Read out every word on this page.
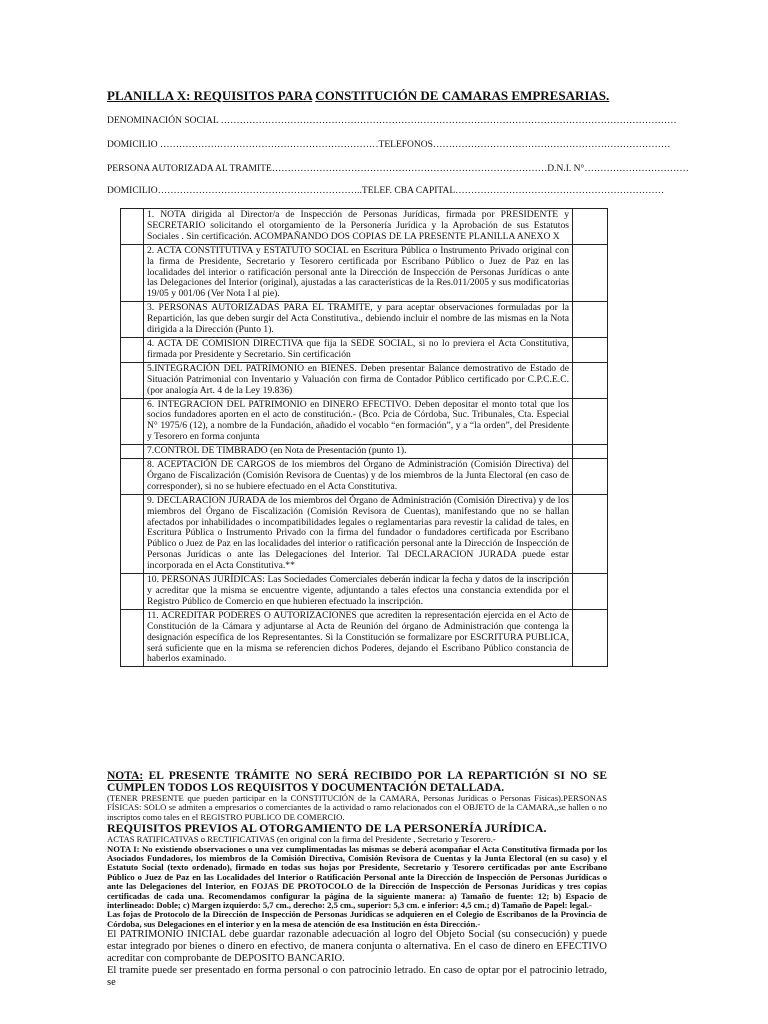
PLANILLA X: REQUISITOS PARA CONSTITUCIÓN DE CAMARAS EMPRESARIAS.
DENOMINACIÓN SOCIAL ………………………………………………………………………………………………………………………………
DOMICILIO ……………………………………………………………TELEFONOS…………………………………………………………………
PERSONA AUTORIZADA AL TRAMITE……………………………………………………………………………D.N.I. N°……………………………
DOMICILIO………………………………………………………..TELEF. CBA CAPITAL…………………………………………………………
	1. NOTA dirigida al Director/a de Inspección de Personas Jurídicas, firmada por PRESIDENTE y SECRETARIO solicitando el otorgamiento de la Personería Jurídica y la Aprobación de sus Estatutos Sociales . Sin certificación. ACOMPAÑANDO DOS COPIAS DE LA PRESENTE PLANILLA ANEXO X	
	2. ACTA CONSTITUTIVA y ESTATUTO SOCIAL en Escritura Pública o Instrumento Privado original con la firma de Presidente, Secretario y Tesorero certificada por Escribano Público o Juez de Paz en las localidades del interior o ratificación personal ante la Dirección de Inspección de Personas Jurídicas o ante las Delegaciones del Interior (original), ajustadas a las características de la Res.011/2005 y sus modificatorias 19/05 y 001/06 (Ver Nota I al pie).	
	3. PERSONAS AUTORIZADAS PARA EL TRAMITE, y para aceptar observaciones formuladas por la Repartición, las que deben surgir del Acta Constitutiva., debiendo incluir el nombre de las mismas en la Nota dirigida a la Dirección (Punto 1).	
	4. ACTA DE COMISION DIRECTIVA que fija la SEDE SOCIAL, si no lo previera el Acta Constitutiva, firmada por Presidente y Secretario. Sin certificación	
	5.INTEGRACIÓN DEL PATRIMONIO en BIENES. Deben presentar Balance demostrativo de Estado de Situación Patrimonial con Inventario y Valuación con firma de Contador Público certificado por C.P.C.E.C. (por analogía Art. 4 de la Ley 19.836)	
	6. INTEGRACION DEL PATRIMONIO en DINERO EFECTIVO. Deben depositar el monto total que los socios fundadores aporten en el acto de constitución.- (Bco. Pcia de Córdoba, Suc. Tribunales, Cta. Especial N° 1975/6 (12), a nombre de la Fundación, añadido el vocablo “en formación”, y a “la orden”, del Presidente y Tesorero en forma conjunta	
	7.CONTROL DE TIMBRADO (en Nota de Presentación (punto 1).	
	8. ACEPTACIÓN DE CARGOS de los miembros del Órgano de Administración (Comisión Directiva) del Órgano de Fiscalización (Comisión Revisora de Cuentas) y de los miembros de la Junta Electoral (en caso de corresponder), si no se hubiere efectuado en el Acta Constitutiva.	
	9. DECLARACION JURADA de los miembros del Órgano de Administración (Comisión Directiva) y de los miembros del Órgano de Fiscalización (Comisión Revisora de Cuentas), manifestando que no se hallan afectados por inhabilidades o incompatibilidades legales o reglamentarias para revestir la calidad de tales, en Escritura Pública o Instrumento Privado con la firma del fundador o fundadores certificada por Escribano Público o Juez de Paz en las localidades del interior o ratificación personal ante la Dirección de Inspección de Personas Jurídicas o ante las Delegaciones del Interior. Tal DECLARACION JURADA puede estar incorporada en el Acta Constitutiva.**	
	10. PERSONAS JURÍDICAS: Las Sociedades Comerciales deberán indicar la fecha y datos de la inscripción y acreditar que la misma se encuentre vigente, adjuntando a tales efectos una constancia extendida por el Registro Público de Comercio en que hubieren efectuado la inscripción.	
	11. ACREDITAR PODERES O AUTORIZACIONES que acrediten la representación ejercida en el Acto de Constitución de la Cámara y adjuntarse al Acta de Reunión del órgano de Administración que contenga la designación específica de los Representantes. Si la Constitución se formalizare por ESCRITURA PUBLICA, será suficiente que en la misma se referencien dichos Poderes, dejando el Escribano Público constancia de haberlos examinado.	

NOTA: EL PRESENTE TRÁMITE NO SERÁ RECIBIDO POR LA REPARTICIÓN SI NO SE CUMPLEN TODOS LOS REQUISITOS Y DOCUMENTACIÓN DETALLADA.

(TENER PRESENTE que pueden participar en la CONSTITUCIÓN de la CAMARA, Personas Jurídicas o Personas Físicas).PERSONAS FÍSICAS: SOLO se admiten a empresarios o comerciantes de la actividad o ramo relacionados con el OBJETO de la CAMARA,,se hallen o no inscriptos como tales en el REGISTRO PUBLICO DE COMERCIO.

REQUISITOS PREVIOS AL OTORGAMIENTO DE LA PERSONERÍA JURÍDICA.

ACTAS RATIFICATIVAS o RECTIFICATIVAS (en original con la firma del Presidente , Secretario y Tesorero.-

NOTA I: No existiendo observaciones o una vez cumplimentadas las mismas se deberá acompañar el Acta Constitutiva firmada por los Asociados Fundadores, los miembros de la Comisión Directiva, Comisión Revisora de Cuentas y la Junta Electoral (en su caso) y el Estatuto Social (texto ordenado), firmado en todas sus hojas por Presidente, Secretario y Tesorero certificadas por ante Escribano Público o Juez de Paz en las Localidades del Interior o Ratificación Personal ante la Dirección de Inspección de Personas Jurídicas o ante las Delegaciones del Interior, en FOJAS DE PROTOCOLO de la Dirección de Inspección de Personas Jurídicas y tres copias certificadas de cada una. Recomendamos configurar la página de la siguiente manera: a) Tamaño de fuente: 12; b) Espacio de interlineado: Doble; c) Margen izquierdo: 5,7 cm., derecho: 2,5 cm., superior: 5,3 cm. e inferior: 4,5 cm.; d) Tamaño de Papel: legal.-

Las fojas de Protocolo de la Dirección de Inspección de Personas Jurídicas se adquieren en el Colegio de Escribanos de la Provincia de Córdoba, sus Delegaciones en el interior y en la mesa de atención de esa Institución en ésta Dirección.-

El PATRIMONIO INICIAL debe guardar razonable adecuación al logro del Objeto Social (su consecución) y puede estar integrado por bienes o dinero en efectivo, de manera conjunta o alternativa. En el caso de dinero en EFECTIVO acreditar con comprobante de DEPOSITO BANCARIO.

El tramite puede ser presentado en forma personal o con patrocinio letrado. En caso de optar por el patrocinio letrado, se
